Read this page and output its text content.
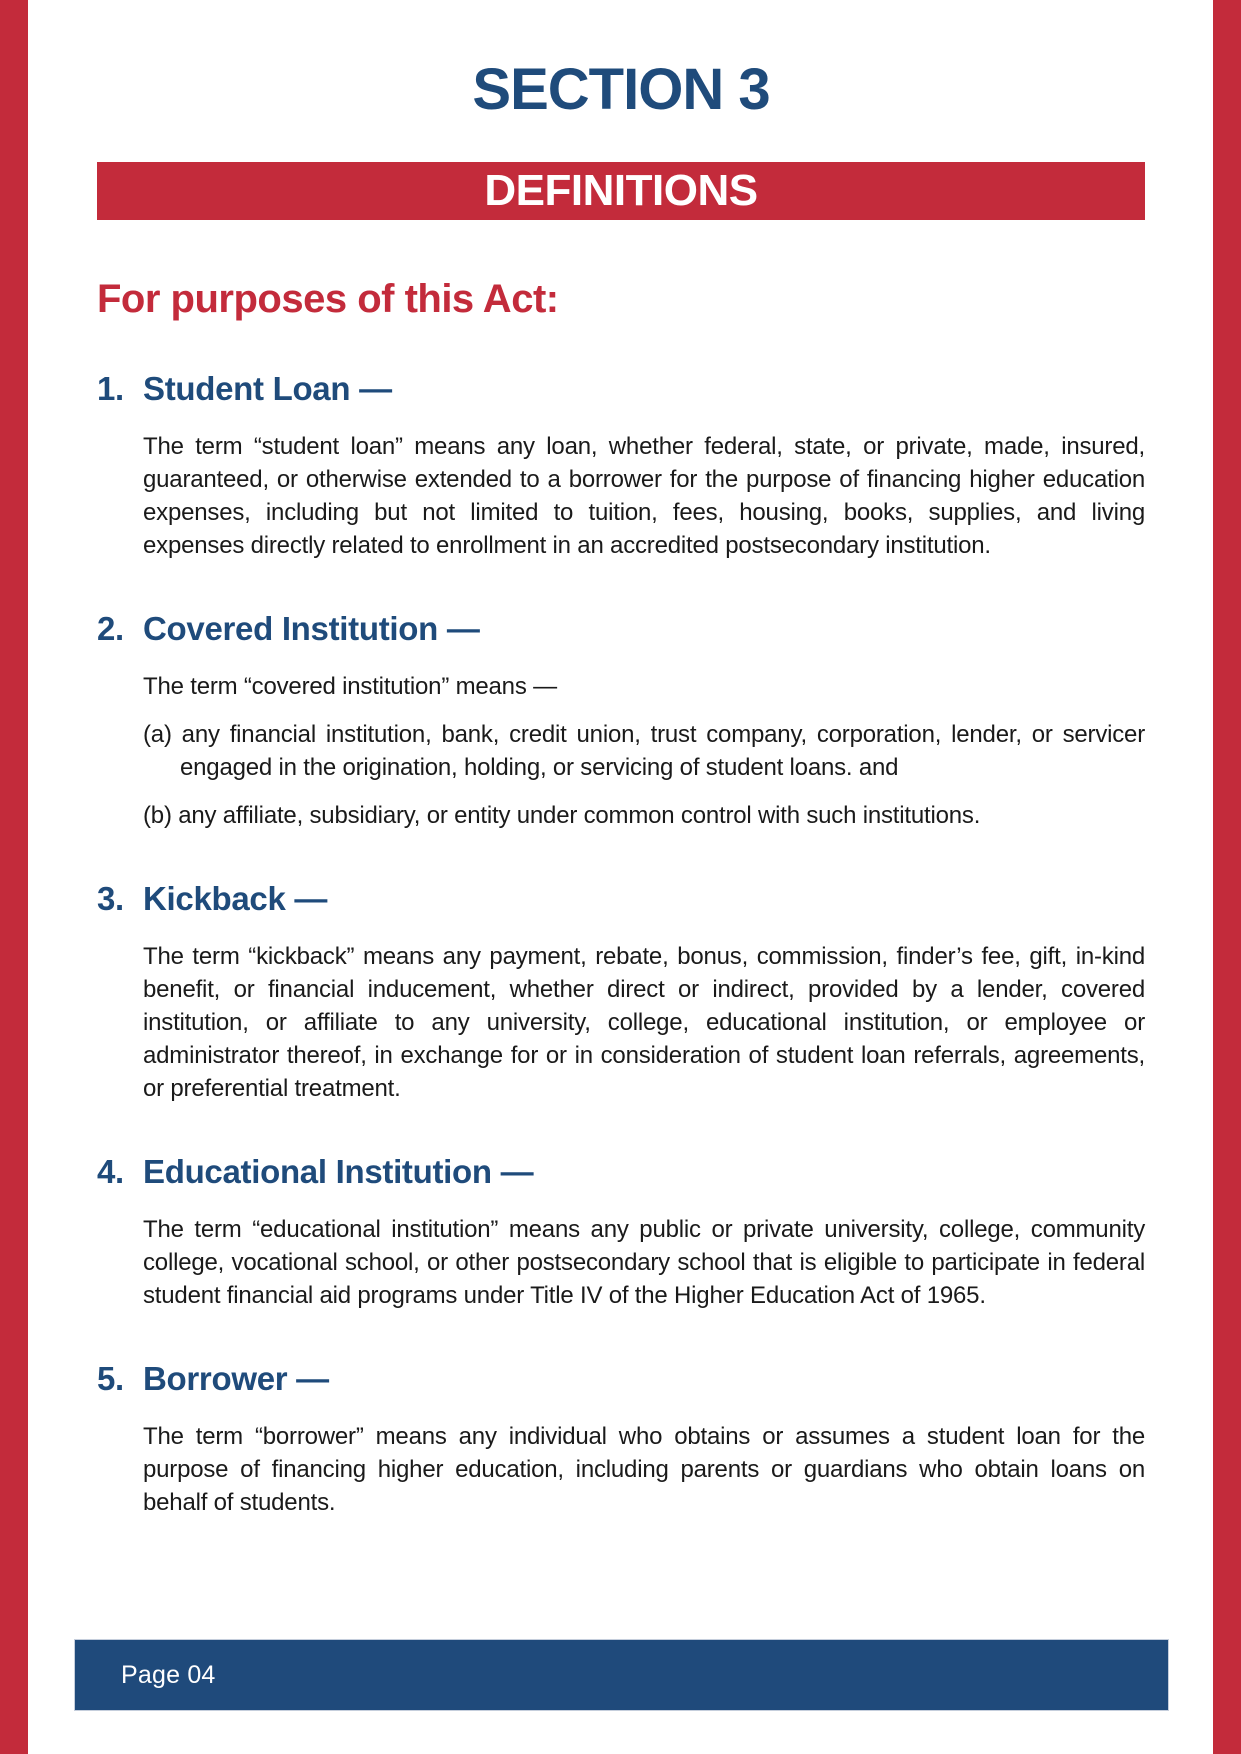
SECTION 3
DEFINITIONS
For purposes of this Act:
1. Student Loan —

The term “student loan” means any loan, whether federal, state, or private, made, insured, guaranteed, or otherwise extended to a borrower for the purpose of financing higher education expenses, including but not limited to tuition, fees, housing, books, supplies, and living expenses directly related to enrollment in an accredited postsecondary institution.

2. Covered Institution —

The term “covered institution” means —

(a) any financial institution, bank, credit union, trust company, corporation, lender, or servicer engaged in the origination, holding, or servicing of student loans. and

(b) any affiliate, subsidiary, or entity under common control with such institutions.

3. Kickback —

The term “kickback” means any payment, rebate, bonus, commission, finder’s fee, gift, in-kind benefit, or financial inducement, whether direct or indirect, provided by a lender, covered institution, or affiliate to any university, college, educational institution, or employee or administrator thereof, in exchange for or in consideration of student loan referrals, agreements, or preferential treatment.

4. Educational Institution —

The term “educational institution” means any public or private university, college, community college, vocational school, or other postsecondary school that is eligible to participate in federal student financial aid programs under Title IV of the Higher Education Act of 1965.

5. Borrower —

The term “borrower” means any individual who obtains or assumes a student loan for the purpose of financing higher education, including parents or guardians who obtain loans on behalf of students.

Page 04
